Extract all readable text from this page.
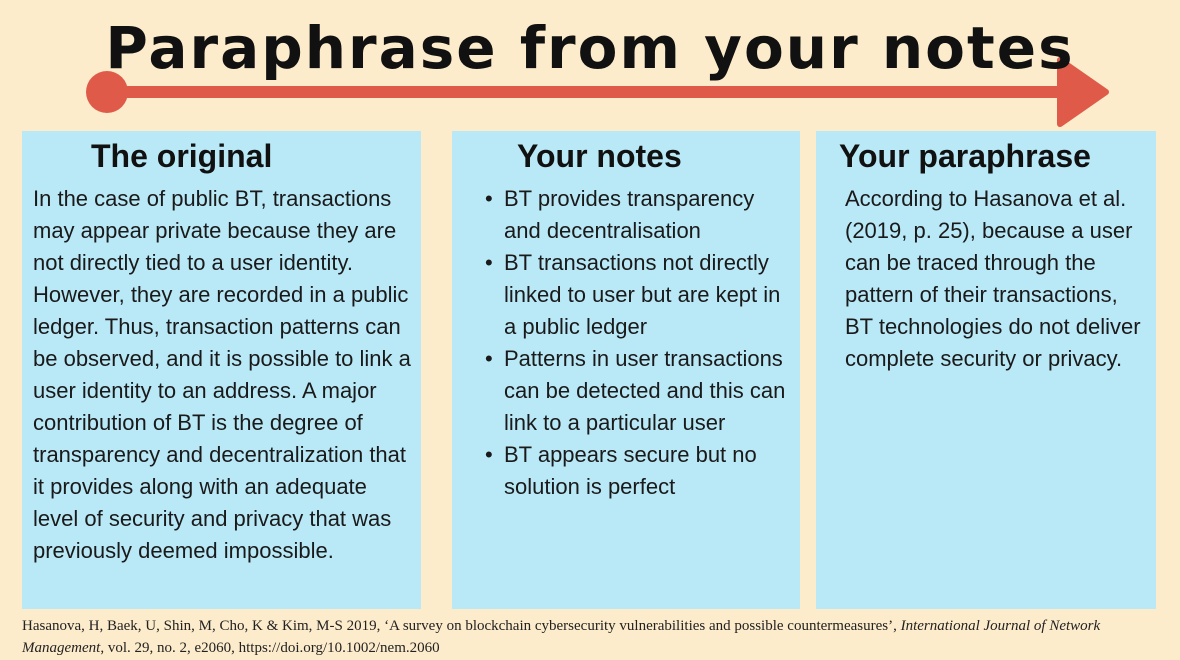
Paraphrase from your notes
The original
In the case of public BT, transactions may appear private because they are not directly tied to a user identity. However, they are recorded in a public ledger. Thus, transaction patterns can be observed, and it is possible to link a user identity to an address. A major contribution of BT is the degree of transparency and decentralization that it provides along with an adequate level of security and privacy that was previously deemed impossible.
Your notes
• BT provides transparency and decentralisation
• BT transactions not directly linked to user but are kept in a public ledger
• Patterns in user transactions can be detected and this can link to a particular user
• BT appears secure but no solution is perfect
Your paraphrase
According to Hasanova et al. (2019, p. 25), because a user can be traced through the pattern of their transactions, BT technologies do not deliver complete security or privacy.
Hasanova, H, Baek, U, Shin, M, Cho, K & Kim, M-S 2019, ‘A survey on blockchain cybersecurity vulnerabilities and possible countermeasures’, International Journal of Network Management, vol. 29, no. 2, e2060, https://doi.org/10.1002/nem.2060
